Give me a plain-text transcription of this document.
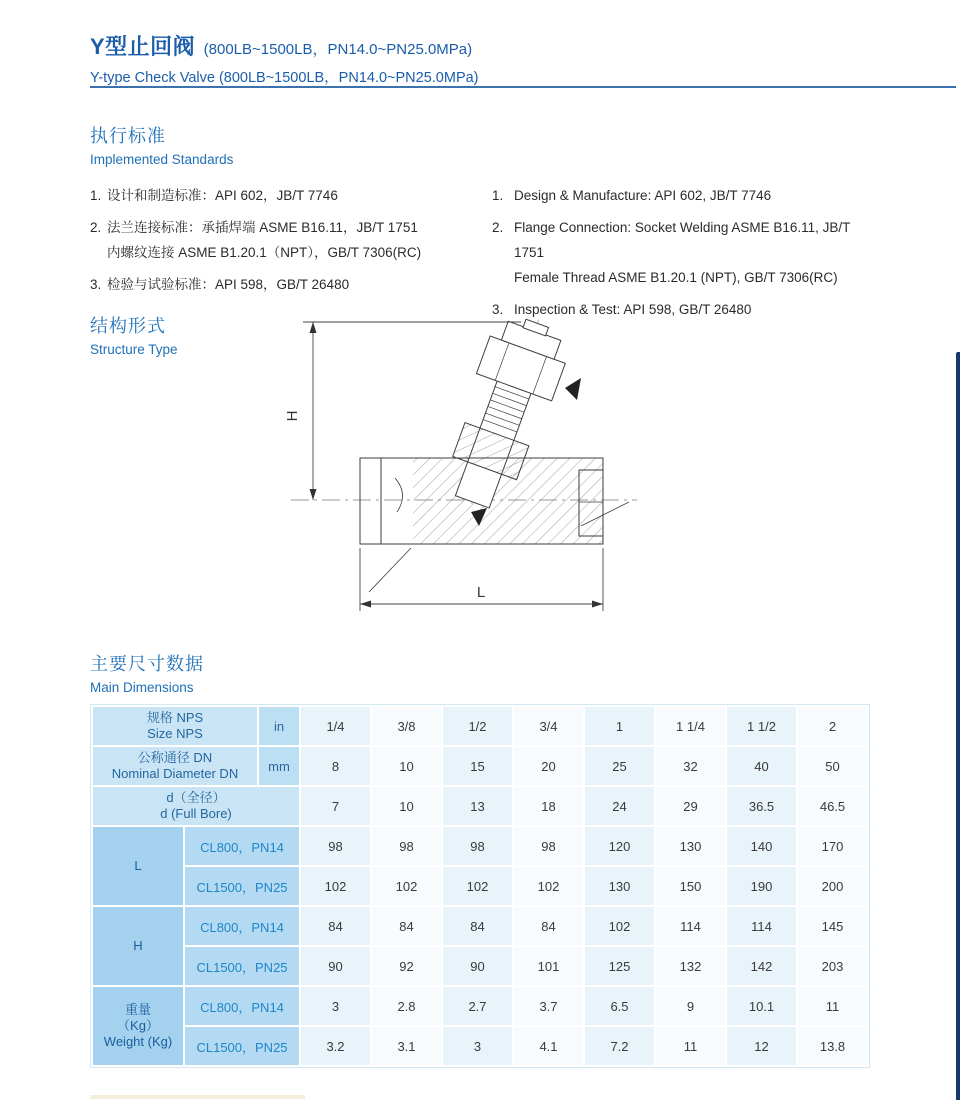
Y型止回阀 (800LB~1500LB，PN14.0~PN25.0MPa)
Y-type Check Valve (800LB~1500LB，PN14.0~PN25.0MPa)
执行标准
Implemented Standards
1. 设计和制造标准：API 602，JB/T 7746
2. 法兰连接标准：承插焊端 ASME B16.11，JB/T 1751
内螺纹连接 ASME B1.20.1（NPT），GB/T 7306(RC)
3. 检验与试验标准：API 598，GB/T 26480
1. Design & Manufacture: API 602, JB/T 7746
2. Flange Connection: Socket Welding ASME B16.11, JB/T 1751
Female Thread ASME B1.20.1 (NPT), GB/T 7306(RC)
3. Inspection & Test: API 598, GB/T 26480
结构形式
Structure Type
H
L
主要尺寸数据
Main Dimensions
规格 NPS
Size NPS		in	1/4	3/8	1/2	3/4	1	1 1/4	1 1/2	2

公称通径 DN
Nominal Diameter DN		mm	8	10	15	20	25	32	40	50

d（全径）
d (Full Bore)			7	10	13	18	24	29	36.5	46.5

L	CL800，PN14		98	98	98	98	120	130	140	170
	CL1500，PN25		102	102	102	102	130	150	190	200

H	CL800，PN14		84	84	84	84	102	114	114	145
	CL1500，PN25		90	92	90	101	125	132	142	203

重量
（Kg）
Weight (Kg)	CL800，PN14		3	2.8	2.7	3.7	6.5	9	10.1	11
	CL1500，PN25		3.2	3.1	3	4.1	7.2	11	12	13.8
